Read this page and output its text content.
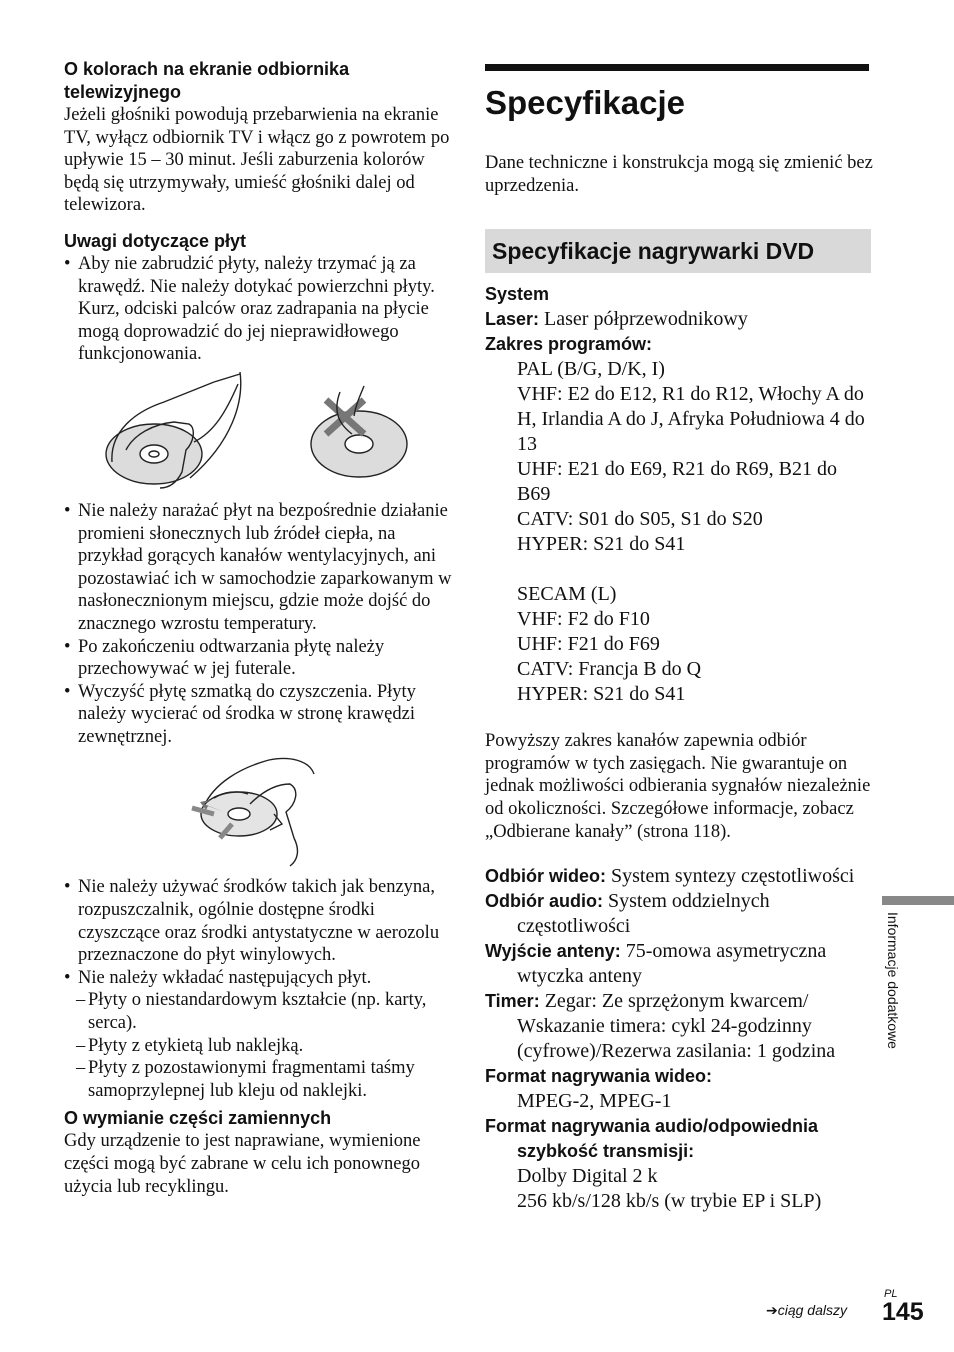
O kolorach na ekranie odbiornika telewizyjnego

Jeżeli głośniki powodują przebarwienia na ekranie TV, wyłącz odbiornik TV i włącz go z powrotem po upływie 15 – 30 minut. Jeśli zaburzenia kolorów będą się utrzymywały, umieść głośniki dalej od telewizora.

Uwagi dotyczące płyt

• Aby nie zabrudzić płyty, należy trzymać ją za krawędź. Nie należy dotykać powierzchni płyty. Kurz, odciski palców oraz zadrapania na płycie mogą doprowadzić do jej nieprawidłowego funkcjonowania.
• Nie należy narażać płyt na bezpośrednie działanie promieni słonecznych lub źródeł ciepła, na przykład gorących kanałów wentylacyjnych, ani pozostawiać ich w samochodzie zaparkowanym w nasłonecznionym miejscu, gdzie może dojść do znacznego wzrostu temperatury.
• Po zakończeniu odtwarzania płytę należy przechowywać w jej futerale.
• Wyczyść płytę szmatką do czyszczenia. Płyty należy wycierać od środka w stronę krawędzi zewnętrznej.
• Nie należy używać środków takich jak benzyna, rozpuszczalnik, ogólnie dostępne środki czyszczące oraz środki antystatyczne w aerozolu przeznaczone do płyt winylowych.
• Nie należy wkładać następujących płyt.
– Płyty o niestandardowym kształcie (np. karty, serca).
– Płyty z etykietą lub naklejką.
– Płyty z pozostawionymi fragmentami taśmy samoprzylepnej lub kleju od naklejki.

O wymianie części zamiennych

Gdy urządzenie to jest naprawiane, wymienione części mogą być zabrane w celu ich ponownego użycia lub recyklingu.

Specyfikacje

Dane techniczne i konstrukcja mogą się zmienić bez uprzedzenia.

Specyfikacje nagrywarki DVD

System

Laser: Laser półprzewodnikowy

Zakres programów:

PAL (B/G, D/K, I)

VHF: E2 do E12, R1 do R12, Włochy A do H, Irlandia A do J, Afryka Południowa 4 do 13

UHF: E21 do E69, R21 do R69, B21 do B69

CATV: S01 do S05, S1 do S20

HYPER: S21 do S41

SECAM (L)

VHF: F2 do F10

UHF: F21 do F69

CATV: Francja B do Q

HYPER: S21 do S41

Powyższy zakres kanałów zapewnia odbiór programów w tych zasięgach. Nie gwarantuje on jednak możliwości odbierania sygnałów niezależnie od okoliczności. Szczegółowe informacje, zobacz „Odbierane kanały” (strona 118).

Odbiór wideo: System syntezy częstotliwości

Odbiór audio: System oddzielnych częstotliwości

Wyjście anteny: 75-omowa asymetryczna wtyczka anteny

Timer: Zegar: Ze sprzężonym kwarcem/ Wskazanie timera: cykl 24-godzinny (cyfrowe)/Rezerwa zasilania: 1 godzina

Format nagrywania wideo:

MPEG-2, MPEG-1

Format nagrywania audio/odpowiednia szybkość transmisji:

Dolby Digital 2 k

256 kb/s/128 kb/s (w trybie EP i SLP)

Informacje dodatkowe
➔ciąg dalszy
PL
145
